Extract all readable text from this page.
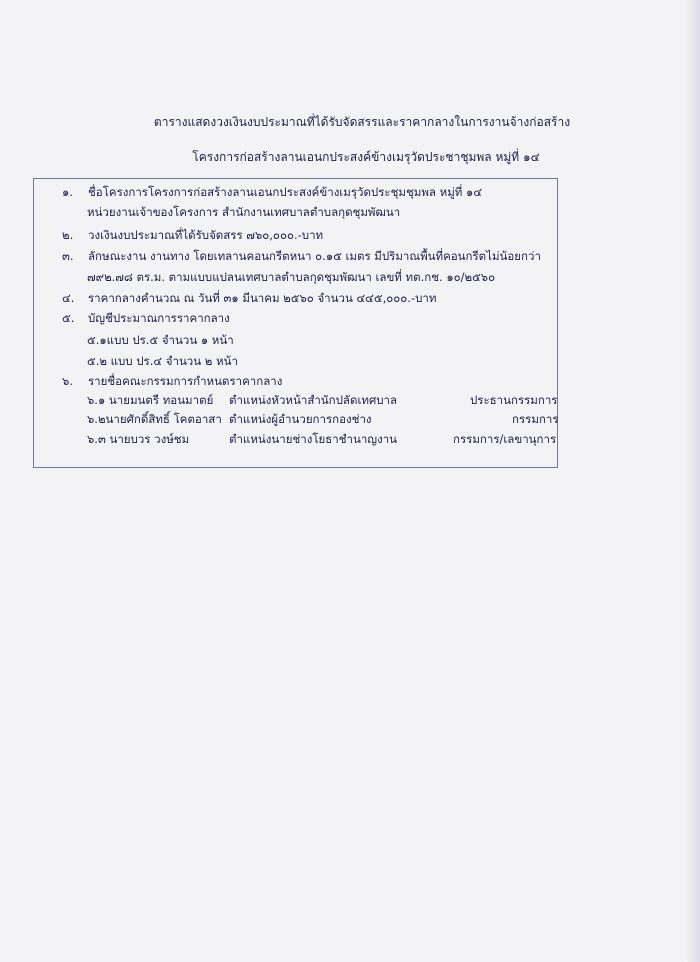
ตารางแสดงวงเงินงบประมาณที่ได้รับจัดสรรและราคากลางในการงานจ้างก่อสร้าง
โครงการก่อสร้างลานเอนกประสงค์ข้างเมรุวัดประชาชุมพล หมู่ที่ ๑๔
๑.	ชื่อโครงการโครงการก่อสร้างลานเอนกประสงค์ข้างเมรุวัดประชุมชุมพล หมู่ที่ ๑๔
หน่วยงานเจ้าของโครงการ สำนักงานเทศบาลตำบลกุดชุมพัฒนา
๒.	วงเงินงบประมาณที่ได้รับจัดสรร ๗๖๐,๐๐๐.-บาท
๓.	ลักษณะงาน งานทาง โดยเทลานคอนกรีตหนา ๐.๑๕ เมตร มีปริมาณพื้นที่คอนกรีตไม่น้อยกว่า
๗๙๒.๗๘ ตร.ม. ตามแบบแปลนเทศบาลตำบลกุดชุมพัฒนา เลขที่ ทต.กช. ๑๐/๒๕๖๐
๔.	ราคากลางคำนวณ ณ วันที่ ๓๑ มีนาคม ๒๕๖๐ จำนวน ๔๔๕,๐๐๐.-บาท
๕.	บัญชีประมาณการราคากลาง
๕.๑แบบ ปร.๕ จำนวน ๑ หน้า
๕.๒ แบบ ปร.๔ จำนวน ๒ หน้า
๖.	รายชื่อคณะกรรมการกำหนดราคากลาง
๖.๑ นายมนตรี ทอนมาตย์ ตำแหน่งหัวหน้าสำนักปลัดเทศบาล	ประธานกรรมการ
๖.๒นายศักดิ์สิทธิ์ โคตอาสา ตำแหน่งผู้อำนวยการกองช่าง	กรรมการ
๖.๓ นายบวร วงษ์ชม	ตำแหน่งนายช่างโยธาชำนาญงาน	กรรมการ/เลขานุการ
